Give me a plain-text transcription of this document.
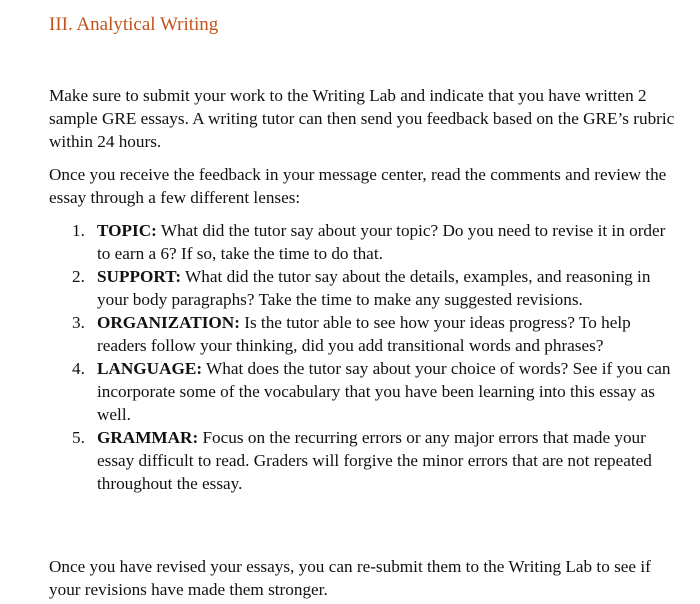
III. Analytical Writing

Make sure to submit your work to the Writing Lab and indicate that you have written 2 sample GRE essays. A writing tutor can then send you feedback based on the GRE’s rubric within 24 hours.

Once you receive the feedback in your message center, read the comments and review the essay through a few different lenses:

1. TOPIC: What did the tutor say about your topic? Do you need to revise it in order to earn a 6? If so, take the time to do that.
2. SUPPORT: What did the tutor say about the details, examples, and reasoning in your body paragraphs? Take the time to make any suggested revisions.
3. ORGANIZATION: Is the tutor able to see how your ideas progress? To help readers follow your thinking, did you add transitional words and phrases?
4. LANGUAGE: What does the tutor say about your choice of words? See if you can incorporate some of the vocabulary that you have been learning into this essay as well.
5. GRAMMAR: Focus on the recurring errors or any major errors that made your essay difficult to read. Graders will forgive the minor errors that are not repeated throughout the essay.

Once you have revised your essays, you can re-submit them to the Writing Lab to see if your revisions have made them stronger.
